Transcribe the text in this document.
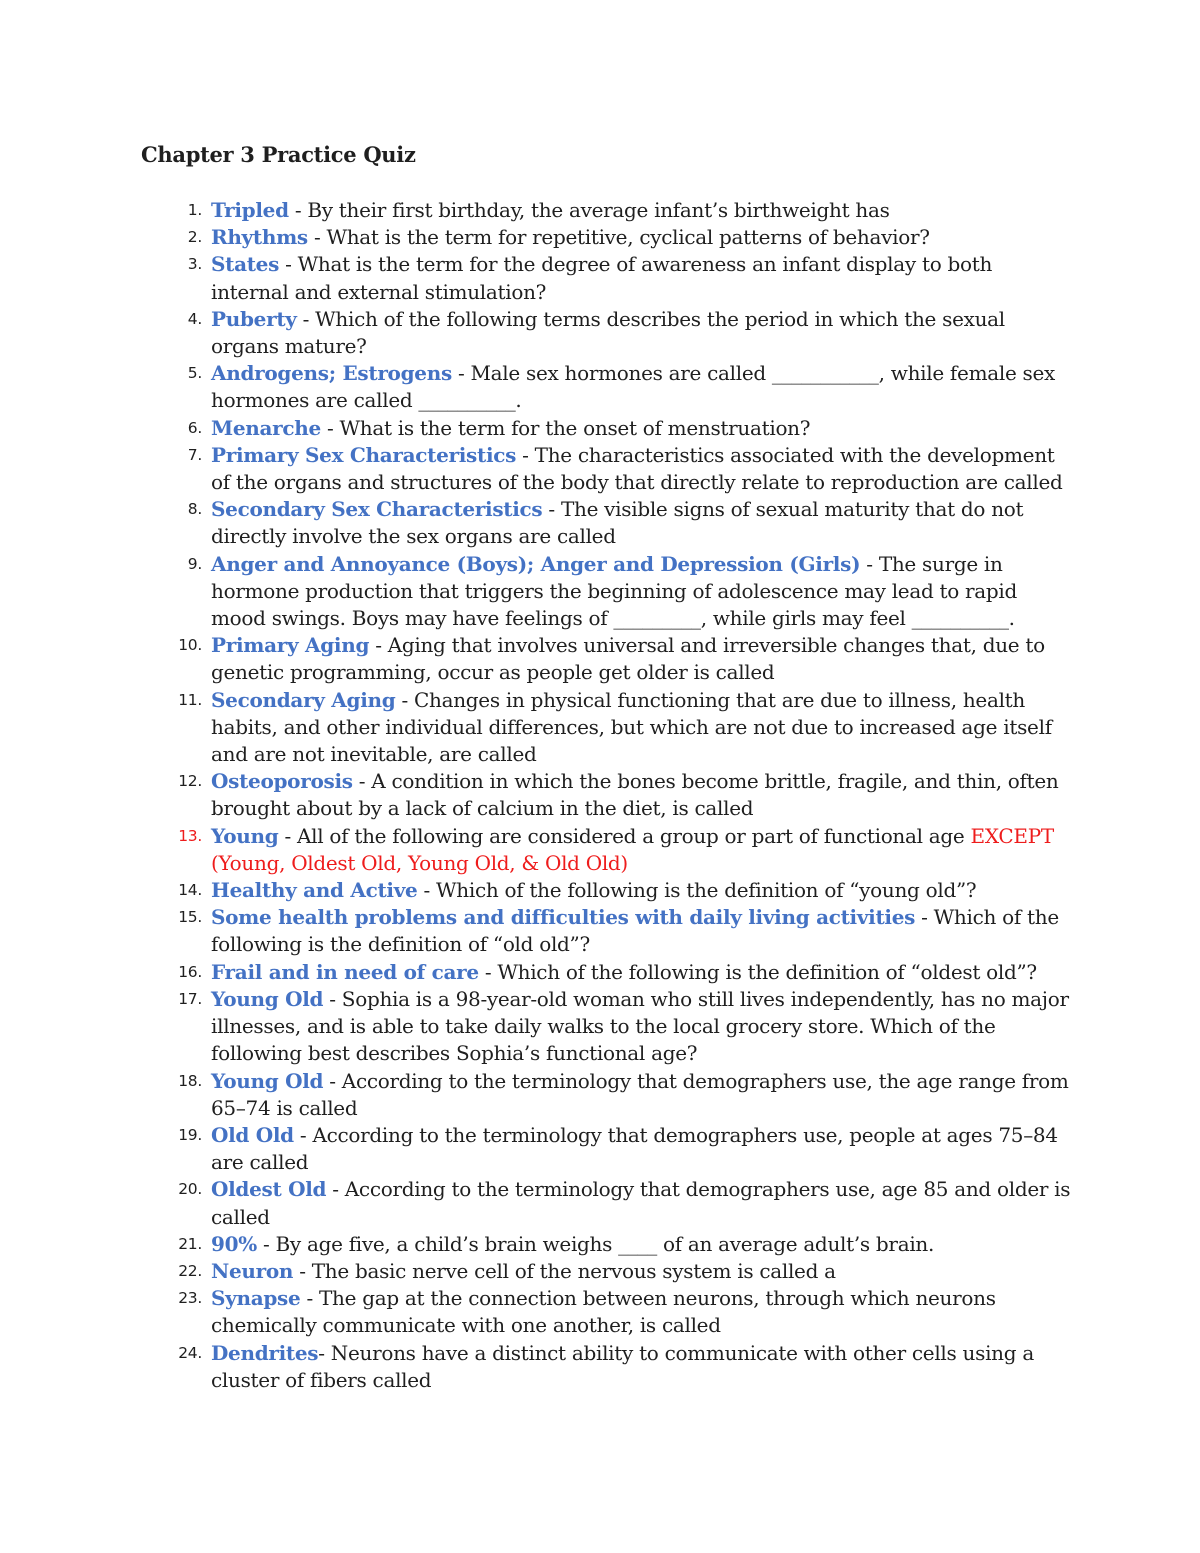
Chapter 3 Practice Quiz
1. Tripled - By their first birthday, the average infant’s birthweight has
2. Rhythms - What is the term for repetitive, cyclical patterns of behavior?
3. States - What is the term for the degree of awareness an infant display to both internal and external stimulation?
4. Puberty - Which of the following terms describes the period in which the sexual organs mature?
5. Androgens; Estrogens - Male sex hormones are called ___________, while female sex hormones are called __________.
6. Menarche - What is the term for the onset of menstruation?
7. Primary Sex Characteristics - The characteristics associated with the development of the organs and structures of the body that directly relate to reproduction are called
8. Secondary Sex Characteristics - The visible signs of sexual maturity that do not directly involve the sex organs are called
9. Anger and Annoyance (Boys); Anger and Depression (Girls) - The surge in hormone production that triggers the beginning of adolescence may lead to rapid mood swings. Boys may have feelings of _________, while girls may feel __________.
10. Primary Aging - Aging that involves universal and irreversible changes that, due to genetic programming, occur as people get older is called
11. Secondary Aging - Changes in physical functioning that are due to illness, health habits, and other individual differences, but which are not due to increased age itself and are not inevitable, are called
12. Osteoporosis - A condition in which the bones become brittle, fragile, and thin, often brought about by a lack of calcium in the diet, is called
13. Young - All of the following are considered a group or part of functional age EXCEPT (Young, Oldest Old, Young Old, & Old Old)
14. Healthy and Active - Which of the following is the definition of “young old”?
15. Some health problems and difficulties with daily living activities - Which of the following is the definition of “old old”?
16. Frail and in need of care - Which of the following is the definition of “oldest old”?
17. Young Old - Sophia is a 98-year-old woman who still lives independently, has no major illnesses, and is able to take daily walks to the local grocery store. Which of the following best describes Sophia’s functional age?
18. Young Old - According to the terminology that demographers use, the age range from 65–74 is called
19. Old Old - According to the terminology that demographers use, people at ages 75–84 are called
20. Oldest Old - According to the terminology that demographers use, age 85 and older is called
21. 90% - By age five, a child’s brain weighs ____ of an average adult’s brain.
22. Neuron - The basic nerve cell of the nervous system is called a
23. Synapse - The gap at the connection between neurons, through which neurons chemically communicate with one another, is called
24. Dendrites- Neurons have a distinct ability to communicate with other cells using a cluster of fibers called
